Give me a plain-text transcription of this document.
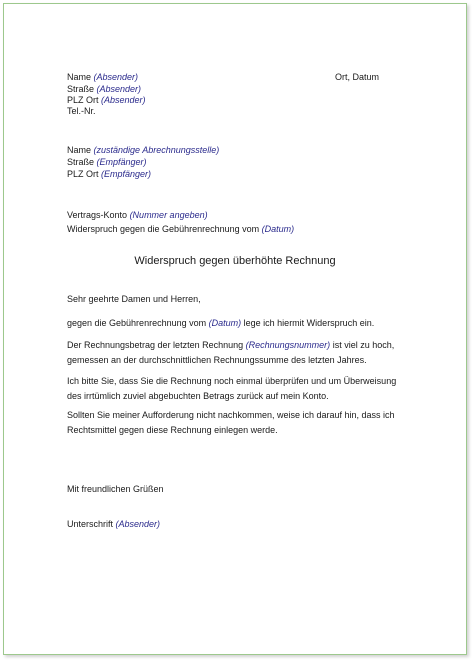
Name (Absender)
Straße (Absender)
PLZ Ort (Absender)
Tel.-Nr.
Ort, Datum
Name (zuständige Abrechnungsstelle)
Straße (Empfänger)
PLZ Ort (Empfänger)
Vertrags-Konto (Nummer angeben)
Widerspruch gegen die Gebührenrechnung vom (Datum)
Widerspruch gegen überhöhte Rechnung
Sehr geehrte Damen und Herren,
gegen die Gebührenrechnung vom (Datum) lege ich hiermit Widerspruch ein.
Der Rechnungsbetrag der letzten Rechnung (Rechnungsnummer) ist viel zu hoch,
gemessen an der durchschnittlichen Rechnungssumme des letzten Jahres.
Ich bitte Sie, dass Sie die Rechnung noch einmal überprüfen und um Überweisung
des irrtümlich zuviel abgebuchten Betrags zurück auf mein Konto.
Sollten Sie meiner Aufforderung nicht nachkommen, weise ich darauf hin, dass ich
Rechtsmittel gegen diese Rechnung einlegen werde.
Mit freundlichen Grüßen
Unterschrift (Absender)
